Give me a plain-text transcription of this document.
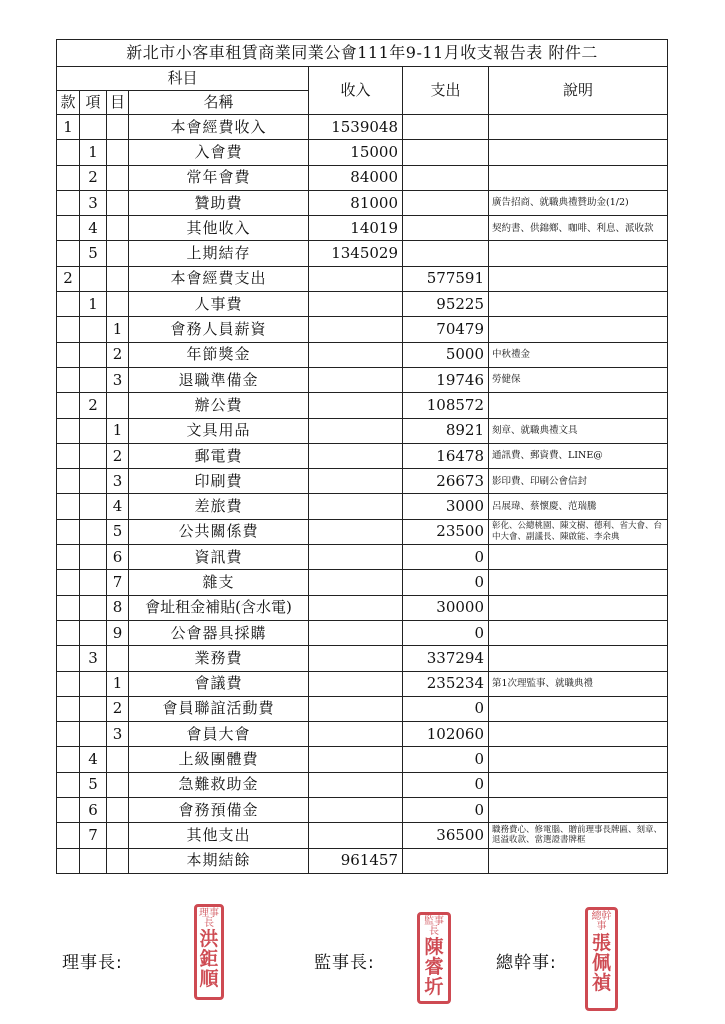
新北市小客車租賃商業同業公會111年9-11月收支報告表 附件二						
科目				收入	支出	說明
款	項	目	名稱			
1			本會經費收入	1539048		
	1		入會費	15000		
	2		常年會費	84000		
	3		贊助費	81000		廣告招商、就職典禮贊助金(1/2)
	4		其他收入	14019		契約書、供錦鄉、咖啡、利息、派收款
	5		上期結存	1345029		
2			本會經費支出		577591	
	1		人事費		95225	
		1	會務人員薪資		70479	
		2	年節獎金		5000	中秋禮金
		3	退職準備金		19746	勞健保
	2		辦公費		108572	
		1	文具用品		8921	刻章、就職典禮文具
		2	郵電費		16478	通訊費、郵資費、LINE@
		3	印刷費		26673	影印費、印刷公會信封
		4	差旅費		3000	呂展瑋、蔡懷慶、范瑞騰
		5	公共關係費		23500	彰化、公總桃園、陳文樹、德利、省大會、台中大會、副議長、陳啟能、李余典
		6	資訊費		0	
		7	雜支		0	
		8	會址租金補貼(含水電)		30000	
		9	公會器具採購		0	
	3		業務費		337294	
		1	會議費		235234	第1次理監事、就職典禮
		2	會員聯誼活動費		0	
		3	會員大會		102060	
	4		上級團體費		0	
	5		急難救助金		0	
	6		會務預備金		0	
	7		其他支出		36500	職務費心、修電腦、贈前理事長牌匾、刻章、退溢收款、當選證書牌框
			本期結餘	961457		
理事長:	監事長:	總幹事:
理事長
洪鉅順
監事長
陳睿圻
總幹事
張佩禎
